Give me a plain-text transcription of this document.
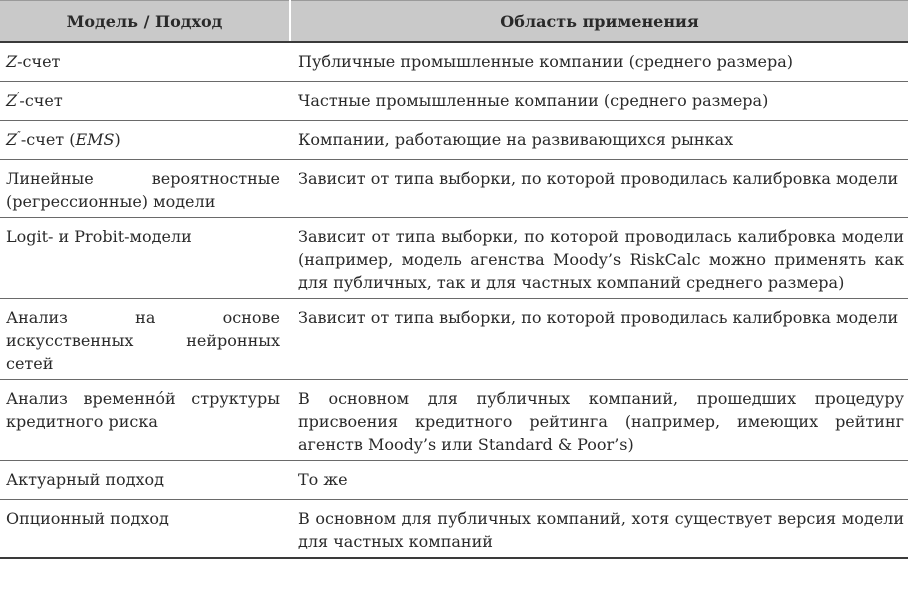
Модель / Подход	Область применения
Z-счет	Публичные промышленные компании (среднего размера)
Z′-счет	Частные промышленные компании (среднего размера)
Z″-счет (EMS)	Компании, работающие на развивающихся рынках
Линейные вероятностные (регрессионные) модели	Зависит от типа выборки, по которой проводилась калибровка модели
Logit- и Probit-модели	Зависит от типа выборки, по которой проводилась калибровка модели (например, модель агенства Moody’s RiskCalc можно применять как для публичных, так и для частных компаний среднего размера)
Анализ на основе искусственных нейронных сетей	Зависит от типа выборки, по которой проводилась калибровка модели
Анализ временно́й структуры кредитного риска	В основном для публичных компаний, прошедших процедуру присвоения кредитного рейтинга (например, имеющих рейтинг агенств Moody’s или Standard & Poor’s)
Актуарный подход	То же
Опционный подход	В основном для публичных компаний, хотя существует версия модели для частных компаний
